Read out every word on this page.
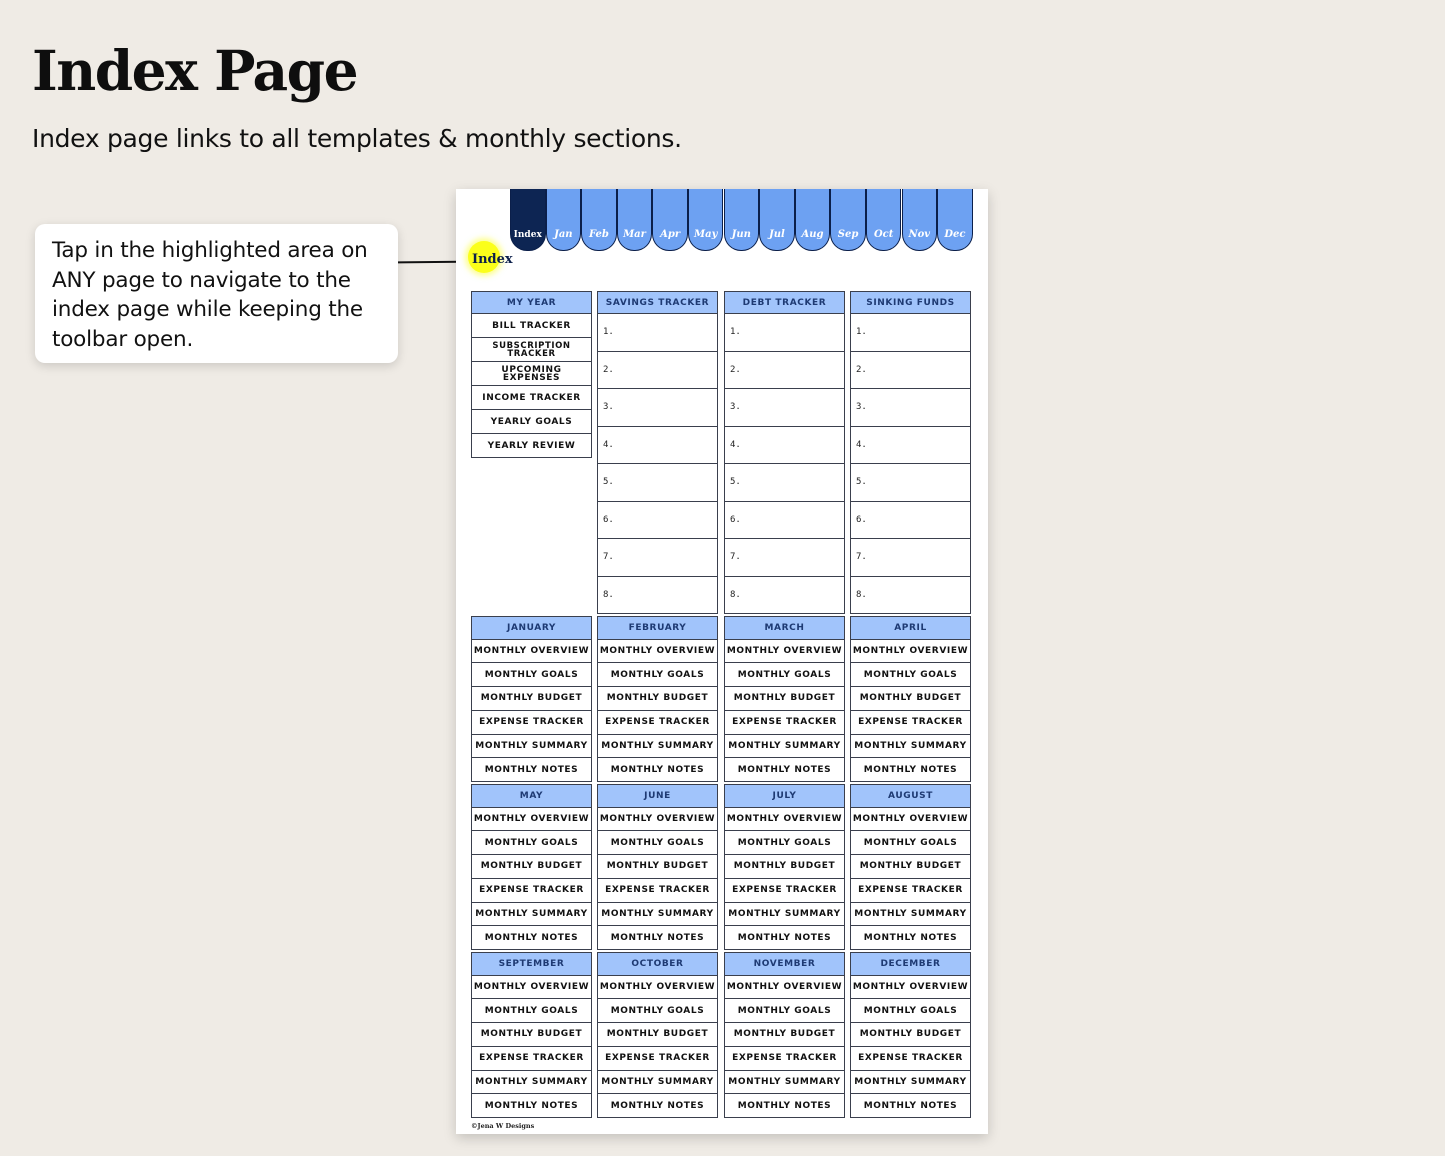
Index Page
Index page links to all templates & monthly sections.
Tap in the highlighted area on ANY page to navigate to the index page while keeping the toolbar open.
Index	Jan	Feb	Mar	Apr	May	Jun	Jul	Aug	Sep	Oct	Nov	Dec
Index
MY YEAR
BILL TRACKER
SUBSCRIPTION TRACKER
UPCOMING EXPENSES
INCOME TRACKER
YEARLY GOALS
YEARLY REVIEW
SAVINGS TRACKER
1.
2.
3.
4.
5.
6.
7.
8.
DEBT TRACKER
1.
2.
3.
4.
5.
6.
7.
8.
SINKING FUNDS
1.
2.
3.
4.
5.
6.
7.
8.
JANUARY
MONTHLY OVERVIEW
MONTHLY GOALS
MONTHLY BUDGET
EXPENSE TRACKER
MONTHLY SUMMARY
MONTHLY NOTES
FEBRUARY
MONTHLY OVERVIEW
MONTHLY GOALS
MONTHLY BUDGET
EXPENSE TRACKER
MONTHLY SUMMARY
MONTHLY NOTES
MARCH
MONTHLY OVERVIEW
MONTHLY GOALS
MONTHLY BUDGET
EXPENSE TRACKER
MONTHLY SUMMARY
MONTHLY NOTES
APRIL
MONTHLY OVERVIEW
MONTHLY GOALS
MONTHLY BUDGET
EXPENSE TRACKER
MONTHLY SUMMARY
MONTHLY NOTES
MAY
MONTHLY OVERVIEW
MONTHLY GOALS
MONTHLY BUDGET
EXPENSE TRACKER
MONTHLY SUMMARY
MONTHLY NOTES
JUNE
MONTHLY OVERVIEW
MONTHLY GOALS
MONTHLY BUDGET
EXPENSE TRACKER
MONTHLY SUMMARY
MONTHLY NOTES
JULY
MONTHLY OVERVIEW
MONTHLY GOALS
MONTHLY BUDGET
EXPENSE TRACKER
MONTHLY SUMMARY
MONTHLY NOTES
AUGUST
MONTHLY OVERVIEW
MONTHLY GOALS
MONTHLY BUDGET
EXPENSE TRACKER
MONTHLY SUMMARY
MONTHLY NOTES
SEPTEMBER
MONTHLY OVERVIEW
MONTHLY GOALS
MONTHLY BUDGET
EXPENSE TRACKER
MONTHLY SUMMARY
MONTHLY NOTES
OCTOBER
MONTHLY OVERVIEW
MONTHLY GOALS
MONTHLY BUDGET
EXPENSE TRACKER
MONTHLY SUMMARY
MONTHLY NOTES
NOVEMBER
MONTHLY OVERVIEW
MONTHLY GOALS
MONTHLY BUDGET
EXPENSE TRACKER
MONTHLY SUMMARY
MONTHLY NOTES
DECEMBER
MONTHLY OVERVIEW
MONTHLY GOALS
MONTHLY BUDGET
EXPENSE TRACKER
MONTHLY SUMMARY
MONTHLY NOTES
©Jena W Designs
